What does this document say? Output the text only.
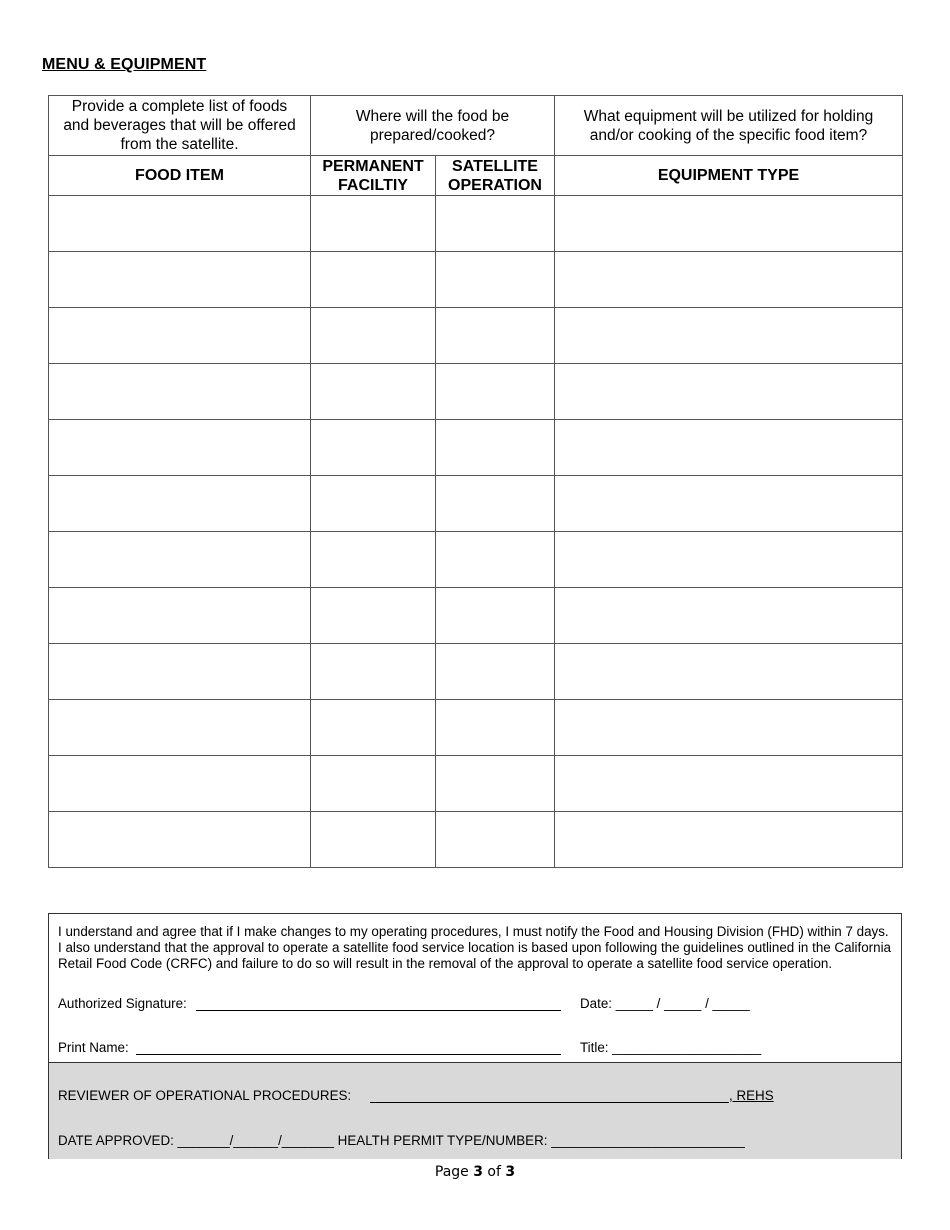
MENU & EQUIPMENT
Provide a complete list of foods and beverages that will be offered from the satellite.	Where will the food be prepared/cooked?		What equipment will be utilized for holding and/or cooking of the specific food item?
FOOD ITEM	PERMANENT FACILTIY	SATELLITE OPERATION	EQUIPMENT TYPE

I understand and agree that if I make changes to my operating procedures, I must notify the Food and Housing Division (FHD) within 7 days. I also understand that the approval to operate a satellite food service location is based upon following the guidelines outlined in the California Retail Food Code (CRFC) and failure to do so will result in the removal of the approval to operate a satellite food service operation.
Authorized Signature:	Date: _____ / _____ / _____
Print Name:	Title: ____________________
REVIEWER OF OPERATIONAL PROCEDURES:	, REHS
DATE APPROVED: _______/______/_______ HEALTH PERMIT TYPE/NUMBER: __________________________
Page 3 of 3
